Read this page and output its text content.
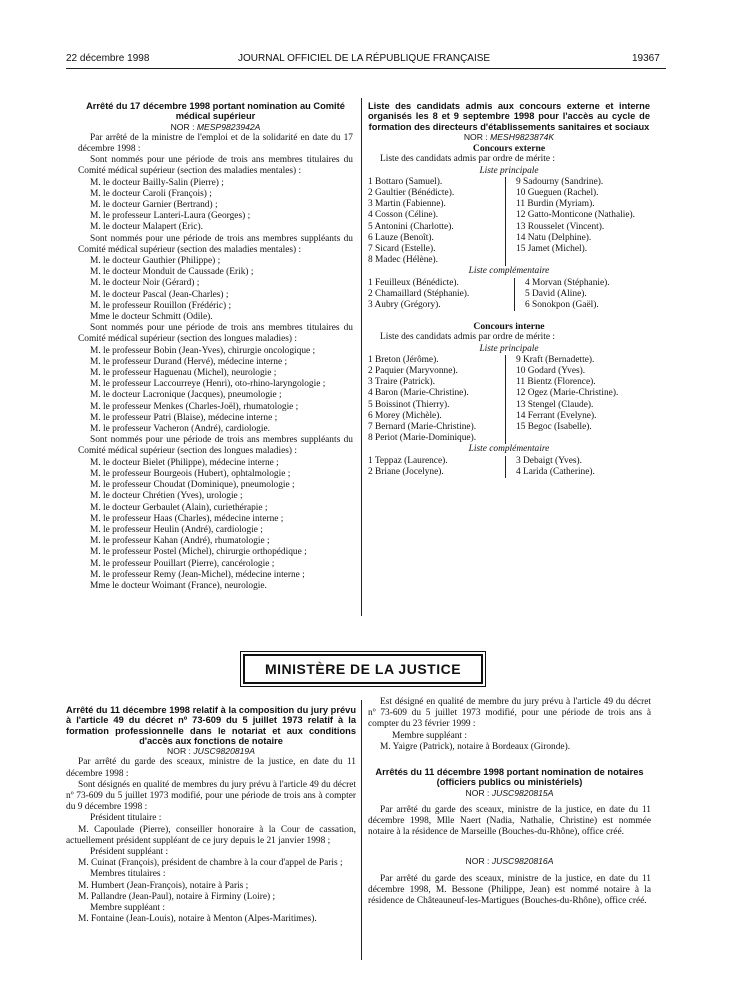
22 décembre 1998	JOURNAL OFFICIEL DE LA RÉPUBLIQUE FRANÇAISE	19367

Arrêté du 17 décembre 1998 portant nomination au Comité médical supérieur

NOR : MESP9823942A

Par arrêté de la ministre de l'emploi et de la solidarité en date du 17 décembre 1998 :

Sont nommés pour une période de trois ans membres titulaires du Comité médical supérieur (section des maladies mentales) :

M. le docteur Bailly-Salin (Pierre) ;

M. le docteur Caroli (François) ;

M. le docteur Garnier (Bertrand) ;

M. le professeur Lanteri-Laura (Georges) ;

M. le docteur Malapert (Eric).

Sont nommés pour une période de trois ans membres suppléants du Comité médical supérieur (section des maladies mentales) :

M. le docteur Gauthier (Philippe) ;

M. le docteur Monduit de Caussade (Erik) ;

M. le docteur Noir (Gérard) ;

M. le docteur Pascal (Jean-Charles) ;

M. le professeur Rouillon (Frédéric) ;

Mme le docteur Schmitt (Odile).

Sont nommés pour une période de trois ans membres titulaires du Comité médical supérieur (section des longues maladies) :

M. le professeur Bobin (Jean-Yves), chirurgie oncologique ;

M. le professeur Durand (Hervé), médecine interne ;

M. le professeur Haguenau (Michel), neurologie ;

M. le professeur Laccourreye (Henri), oto-rhino-laryngologie ;

M. le docteur Lacronique (Jacques), pneumologie ;

M. le professeur Menkes (Charles-Joël), rhumatologie ;

M. le professeur Patri (Blaise), médecine interne ;

M. le professeur Vacheron (André), cardiologie.

Sont nommés pour une période de trois ans membres suppléants du Comité médical supérieur (section des longues maladies) :

M. le docteur Bielet (Philippe), médecine interne ;

M. le professeur Bourgeois (Hubert), ophtalmologie ;

M. le professeur Choudat (Dominique), pneumologie ;

M. le docteur Chrétien (Yves), urologie ;

M. le docteur Gerbaulet (Alain), curiethérapie ;

M. le professeur Haas (Charles), médecine interne ;

M. le professeur Heulin (André), cardiologie ;

M. le professeur Kahan (André), rhumatologie ;

M. le professeur Postel (Michel), chirurgie orthopédique ;

M. le professeur Pouillart (Pierre), cancérologie ;

M. le professeur Remy (Jean-Michel), médecine interne ;

Mme le docteur Woimant (France), neurologie.

Liste des candidats admis aux concours externe et interne organisés les 8 et 9 septembre 1998 pour l'accès au cycle de formation des directeurs d'établissements sanitaires et sociaux

NOR : MESH9823874K

Concours externe

Liste des candidats admis par ordre de mérite :

Liste principale

1 Bottaro (Samuel).

2 Gaultier (Bénédicte).

3 Martin (Fabienne).

4 Cosson (Céline).

5 Antonini (Charlotte).

6 Lauze (Benoît).

7 Sicard (Estelle).

8 Madec (Hélène).

9 Sadourny (Sandrine).

10 Gueguen (Rachel).

11 Burdin (Myriam).

12 Gatto-Monticone (Nathalie).

13 Rousselet (Vincent).

14 Natu (Delphine).

15 Jamet (Michel).

Liste complémentaire

1 Feuilleux (Bénédicte).

2 Chamaillard (Stéphanie).

3 Aubry (Grégory).

4 Morvan (Stéphanie).

5 David (Aline).

6 Sonokpon (Gaël).

Concours interne

Liste des candidats admis par ordre de mérite :

Liste principale

1 Breton (Jérôme).

2 Paquier (Maryvonne).

3 Traire (Patrick).

4 Baron (Marie-Christine).

5 Boissinot (Thierry).

6 Morey (Michèle).

7 Bernard (Marie-Christine).

8 Periot (Marie-Dominique).

9 Kraft (Bernadette).

10 Godard (Yves).

11 Bientz (Florence).

12 Ogez (Marie-Christine).

13 Stengel (Claude).

14 Ferrant (Evelyne).

15 Begoc (Isabelle).

Liste complémentaire

1 Teppaz (Laurence).

2 Briane (Jocelyne).

3 Debaigt (Yves).

4 Larida (Catherine).

MINISTÈRE DE LA JUSTICE

Arrêté du 11 décembre 1998 relatif à la composition du jury prévu à l'article 49 du décret nº 73-609 du 5 juillet 1973 relatif à la formation professionnelle dans le notariat et aux conditions d'accès aux fonctions de notaire

NOR : JUSC9820819A

Par arrêté du garde des sceaux, ministre de la justice, en date du 11 décembre 1998 :

Sont désignés en qualité de membres du jury prévu à l'article 49 du décret nº 73-609 du 5 juillet 1973 modifié, pour une période de trois ans à compter du 9 décembre 1998 :

Président titulaire :

M. Capoulade (Pierre), conseiller honoraire à la Cour de cassation, actuellement président suppléant de ce jury depuis le 21 janvier 1998 ;

Président suppléant :

M. Cuinat (François), président de chambre à la cour d'appel de Paris ;

Membres titulaires :

M. Humbert (Jean-François), notaire à Paris ;

M. Pallandre (Jean-Paul), notaire à Firminy (Loire) ;

Membre suppléant :

M. Fontaine (Jean-Louis), notaire à Menton (Alpes-Maritimes).

Est désigné en qualité de membre du jury prévu à l'article 49 du décret nº 73-609 du 5 juillet 1973 modifié, pour une période de trois ans à compter du 23 février 1999 :

Membre suppléant :

M. Yaigre (Patrick), notaire à Bordeaux (Gironde).

Arrêtés du 11 décembre 1998 portant nomination de notaires (officiers publics ou ministériels)

NOR : JUSC9820815A

Par arrêté du garde des sceaux, ministre de la justice, en date du 11 décembre 1998, Mlle Naert (Nadia, Nathalie, Christine) est nommée notaire à la résidence de Marseille (Bouches-du-Rhône), office créé.

NOR : JUSC9820816A

Par arrêté du garde des sceaux, ministre de la justice, en date du 11 décembre 1998, M. Bessone (Philippe, Jean) est nommé notaire à la résidence de Châteauneuf-les-Martigues (Bouches-du-Rhône), office créé.
